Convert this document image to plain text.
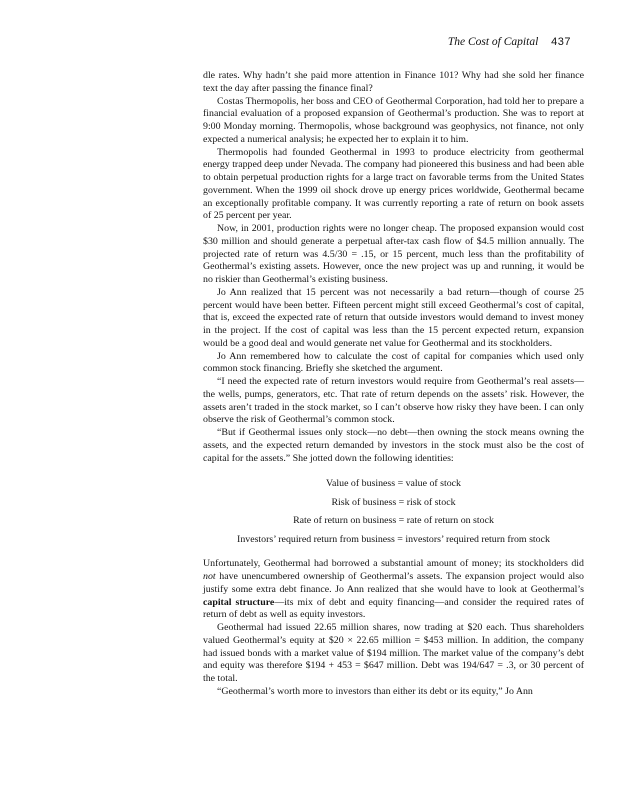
The Cost of Capital 437

dle rates. Why hadn’t she paid more attention in Finance 101? Why had she sold her finance text the day after passing the finance final?

Costas Thermopolis, her boss and CEO of Geothermal Corporation, had told her to prepare a financial evaluation of a proposed expansion of Geothermal’s production. She was to report at 9:00 Monday morning. Thermopolis, whose background was geophysics, not finance, not only expected a numerical analysis; he expected her to explain it to him.

Thermopolis had founded Geothermal in 1993 to produce electricity from geothermal energy trapped deep under Nevada. The company had pioneered this business and had been able to obtain perpetual production rights for a large tract on favorable terms from the United States government. When the 1999 oil shock drove up energy prices worldwide, Geothermal became an exceptionally profitable company. It was currently reporting a rate of return on book assets of 25 percent per year.

Now, in 2001, production rights were no longer cheap. The proposed expansion would cost $30 million and should generate a perpetual after-tax cash flow of $4.5 million annually. The projected rate of return was 4.5/30 = .15, or 15 percent, much less than the profitability of Geothermal’s existing assets. However, once the new project was up and running, it would be no riskier than Geothermal’s existing business.

Jo Ann realized that 15 percent was not necessarily a bad return—though of course 25 percent would have been better. Fifteen percent might still exceed Geothermal’s cost of capital, that is, exceed the expected rate of return that outside investors would demand to invest money in the project. If the cost of capital was less than the 15 percent expected return, expansion would be a good deal and would generate net value for Geothermal and its stockholders.

Jo Ann remembered how to calculate the cost of capital for companies which used only common stock financing. Briefly she sketched the argument.

“I need the expected rate of return investors would require from Geothermal’s real assets—the wells, pumps, generators, etc. That rate of return depends on the assets’ risk. However, the assets aren’t traded in the stock market, so I can’t observe how risky they have been. I can only observe the risk of Geothermal’s common stock.

“But if Geothermal issues only stock—no debt—then owning the stock means owning the assets, and the expected return demanded by investors in the stock must also be the cost of capital for the assets.” She jotted down the following identities:

Value of business = value of stock
Risk of business = risk of stock
Rate of return on business = rate of return on stock
Investors’ required return from business = investors’ required return from stock

Unfortunately, Geothermal had borrowed a substantial amount of money; its stockholders did not have unencumbered ownership of Geothermal’s assets. The expansion project would also justify some extra debt finance. Jo Ann realized that she would have to look at Geothermal’s capital structure—its mix of debt and equity financing—and consider the required rates of return of debt as well as equity investors.

Geothermal had issued 22.65 million shares, now trading at $20 each. Thus shareholders valued Geothermal’s equity at $20 × 22.65 million = $453 million. In addition, the company had issued bonds with a market value of $194 million. The market value of the company’s debt and equity was therefore $194 + 453 = $647 million. Debt was 194/647 = .3, or 30 percent of the total.

“Geothermal’s worth more to investors than either its debt or its equity,” Jo Ann
